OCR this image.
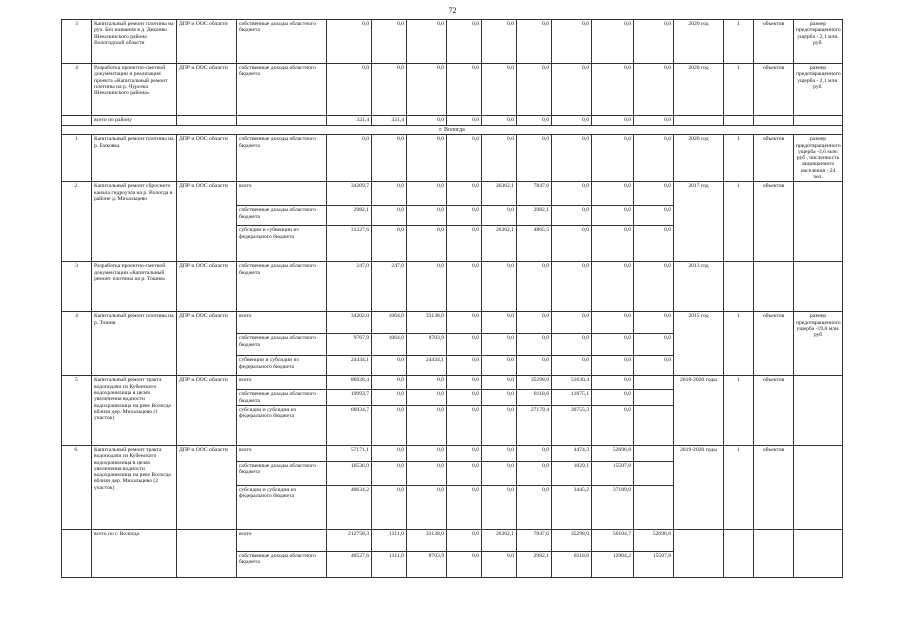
72
3	Капитальный ремонт плотины на руч. Без названия в д. Деконво Шекснинского района Вологодской области	ДПР и ООС области	собственные доходы областного бюджета	0,0	0,0	0,0	0,0	0,0	0,0	0,0	0,0	0,0	2020 год	1	объектов	размер предотвращенного ущерба - 2,1 млн. руб.
4	Разработка проектно-сметной документации и реализация проекта «Капитальный ремонт плотины на р. Чурсека Шекснинского района»	ДПР и ООС области	собственные доходы областного бюджета	0,0	0,0	0,0	0,0	0,0	0,0	0,0	0,0	0,0	2020 год	1	объектов	размер предотвращенного ущерба - 2,1 млн. руб.
	всего по району			321,4	321,4	0,0	0,0	0,0	0,0	0,0	0,0	0,0				
г. Вологда																
1	Капитальный ремонт плотины на р. Емковка	ДПР и ООС области	собственные доходы областного бюджета	0,0	0,0	0,0	0,0	0,0	0,0	0,0	0,0	0,0	2020 год	1	объектов	размер предотвращенного ущерба -3,6 млн. руб , численность защищаемого населения - 24 чел.
2.	Капитальный ремонт сбросного канала гидроузла на р. Вологда в районе д. Михальцево	ДПР и ООС области	всего	34209,7	0,0	0,0	0,0	26362,1	7847,6	0,0	0,0	0,0	2017 год	1	объектов	
			собственные доходы областного бюджета	2982,1	0,0	0,0	0,0	0,0	2982,1	0,0	0,0	0,0				
			субсидии и субвенции из федерального бюджета	31227,6	0,0	0,0	0,0	26362,1	4865,5	0,0	0,0	0,0				
3	Разработка проектно-сметной документации «Капитальный ремонт плотины на р. Тошня»	ДПР и ООС области	собственные доходы областного бюджета	247,0	247,0	0,0	0,0	0,0	0,0	0,0	0,0	0,0	2013 год			
4	Капитальный ремонт плотины на р. Тошня	ДПР и ООС области	всего	34202,0	1064,0	33138,0	0,0	0,0	0,0	0,0	0,0	0,0	2015 год	1	объектов	размер предотвращенного ущерба -19,8 млн. руб
			собственные доходы областного бюджета	9767,9	1064,0	8703,9	0,0	0,0	0,0	0,0	0,0	0,0				
			субвенции и субсидии из федерального бюджета	24434,1	0,0	24434,1	0,0	0,0	0,0	0,0	0,0	0,0				
5	Капитальный ремонт тракта водоподачи из Кубенского водохранилища в целях увеличения водности водохранилища на реке Вологда вблизи дер. Михальцево (1 участок)	ДПР и ООС области	всего	86928,4	0,0	0,0	0,0	0,0	35298,0	51630,4	0,0		2018-2020 годы	1	объектов	
			собственные доходы областного бюджета	19993,7	0,0	0,0	0,0	0,0	8118,6	11875,1	0,0					
			субсидии и субсидии из федерального бюджета	66934,7	0,0	0,0	0,0	0,0	27179,4	39755,3	0,0					
6.	Капитальный ремонт тракта водоподачи из Кубенского водохранилища в целях увеличения водности водохранилища на реке Вологда вблизи дер. Михальцево (2 участок)	ДПР и ООС области	всего	57171,1	0,0	0,0	0,0	0,0	0,0	4474,3	52696,8		2019-2020 годы	1	объектов	
			собственные доходы областного бюджета	16536,9	0,0	0,0	0,0	0,0	0,0	1029,1	15507,8					
			субсидии и субсидии из федерального бюджета	40634,2	0,0	0,0	0,0	0,0	0,0	3445,2	37189,0					
	всего по г. Вологда		всего	212758,3	1311,0	33138,0	0,0	26362,1	7847,6	35298,0	56104,7	52696,8				
			собственные доходы областного бюджета	40527,6	1311,0	8703,9	0,0	0,0	2982,1	8118,6	12904,2	15507,8				
